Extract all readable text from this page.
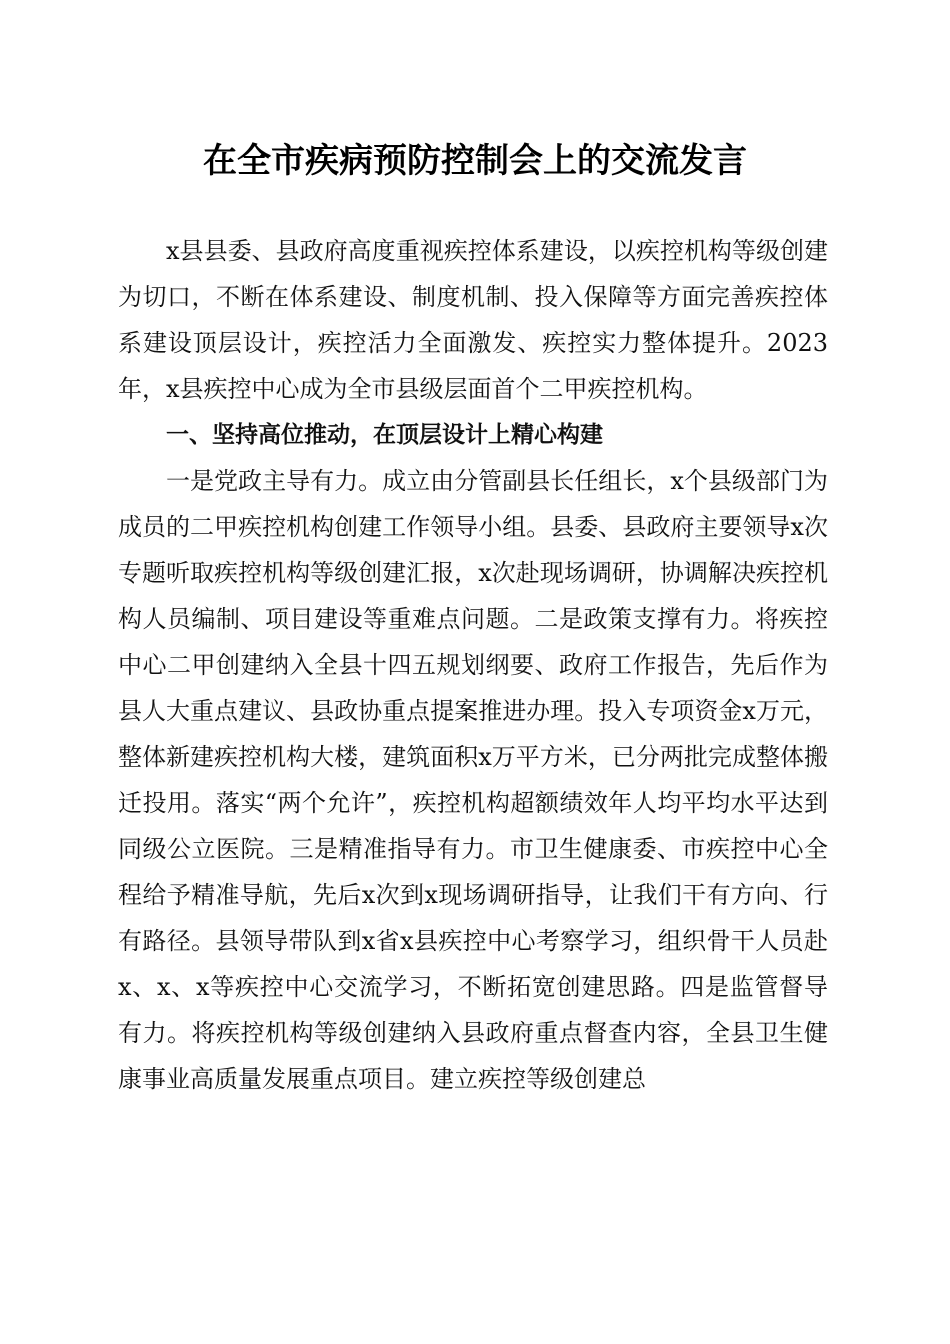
在全市疾病预防控制会上的交流发言

x县县委、县政府高度重视疾控体系建设，以疾控机构等级创建为切口，不断在体系建设、制度机制、投入保障等方面完善疾控体系建设顶层设计，疾控活力全面激发、疾控实力整体提升。2023年，x县疾控中心成为全市县级层面首个二甲疾控机构。

一、坚持高位推动，在顶层设计上精心构建

一是党政主导有力。成立由分管副县长任组长，x个县级部门为成员的二甲疾控机构创建工作领导小组。县委、县政府主要领导x次专题听取疾控机构等级创建汇报，x次赴现场调研，协调解决疾控机构人员编制、项目建设等重难点问题。二是政策支撑有力。将疾控中心二甲创建纳入全县十四五规划纲要、政府工作报告，先后作为县人大重点建议、县政协重点提案推进办理。投入专项资金x万元，整体新建疾控机构大楼，建筑面积x万平方米，已分两批完成整体搬迁投用。落实“两个允许”，疾控机构超额绩效年人均平均水平达到同级公立医院。三是精准指导有力。市卫生健康委、市疾控中心全程给予精准导航，先后x次到x现场调研指导，让我们干有方向、行有路径。县领导带队到x省x县疾控中心考察学习，组织骨干人员赴x、x、x等疾控中心交流学习，不断拓宽创建思路。四是监管督导有力。将疾控机构等级创建纳入县政府重点督查内容，全县卫生健康事业高质量发展重点项目。建立疾控等级创建总
